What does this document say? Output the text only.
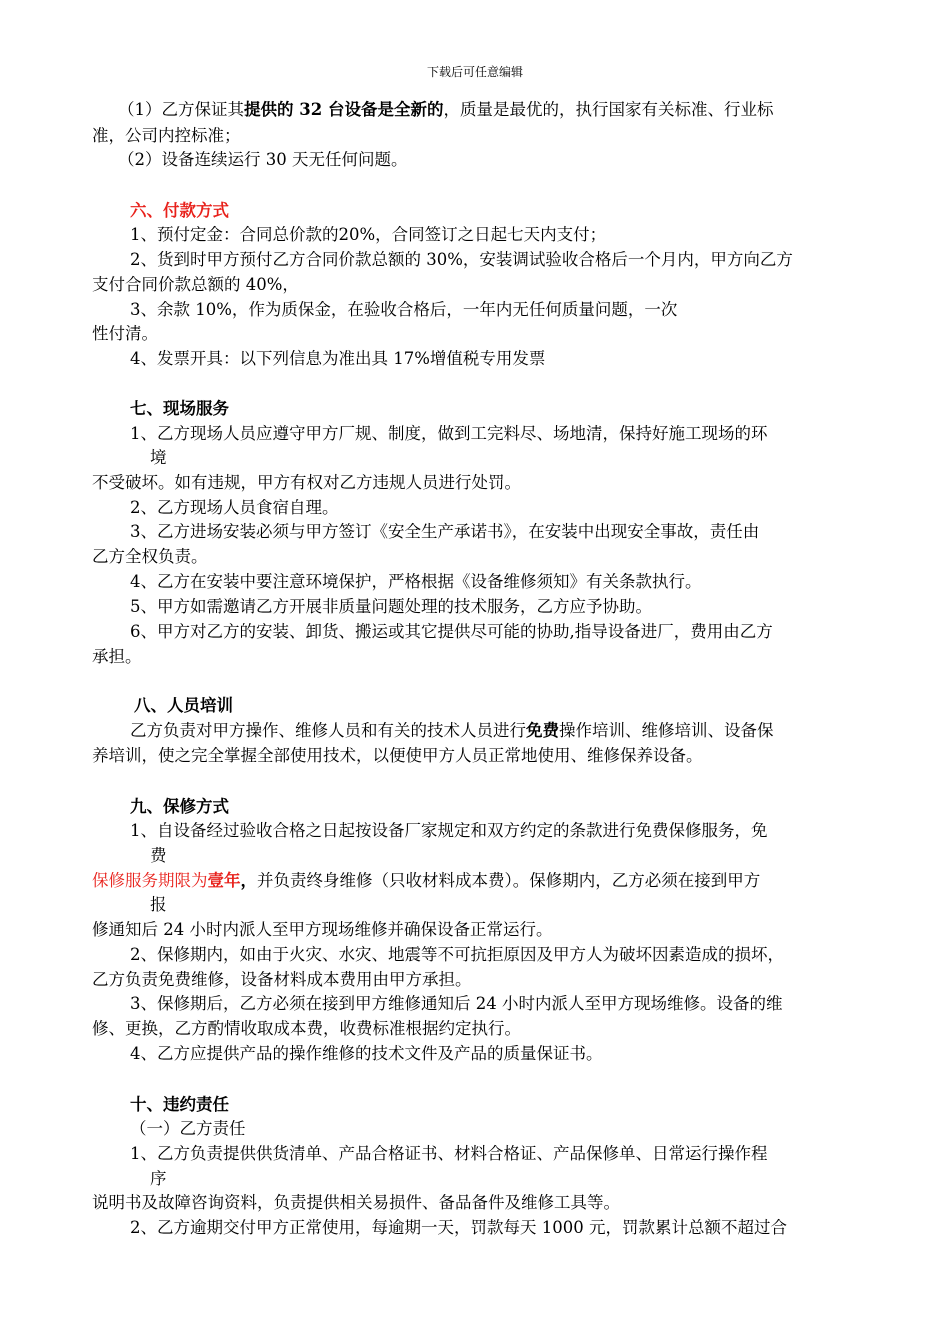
下载后可任意编辑
（1）乙方保证其提供的 32 台设备是全新的，质量是最优的，执行国家有关标准、行业标
准，公司内控标准；
（2）设备连续运行 30 天无任何问题。
六、付款方式
1、预付定金：合同总价款的20%，合同签订之日起七天内支付；
2、货到时甲方预付乙方合同价款总额的 30%，安装调试验收合格后一个月内，甲方向乙方
支付合同价款总额的 40%，
3、余款 10%，作为质保金，在验收合格后，一年内无任何质量问题，一次
性付清。
4、发票开具：以下列信息为准出具 17%增值税专用发票
七、现场服务
1、乙方现场人员应遵守甲方厂规、制度，做到工完料尽、场地清，保持好施工现场的环
境
不受破坏。如有违规，甲方有权对乙方违规人员进行处罚。
2、乙方现场人员食宿自理。
3、乙方进场安装必须与甲方签订《安全生产承诺书》，在安装中出现安全事故，责任由
乙方全权负责。
4、乙方在安装中要注意环境保护，严格根据《设备维修须知》有关条款执行。
5、甲方如需邀请乙方开展非质量问题处理的技术服务，乙方应予协助。
6、甲方对乙方的安装、卸货、搬运或其它提供尽可能的协助,指导设备进厂，费用由乙方
承担。
八、人员培训
乙方负责对甲方操作、维修人员和有关的技术人员进行免费操作培训、维修培训、设备保
养培训，使之完全掌握全部使用技术，以便使甲方人员正常地使用、维修保养设备。
九、保修方式
1、自设备经过验收合格之日起按设备厂家规定和双方约定的条款进行免费保修服务，免
费
保修服务期限为壹年，并负责终身维修（只收材料成本费）。保修期内，乙方必须在接到甲方
报
修通知后 24 小时内派人至甲方现场维修并确保设备正常运行。
2、保修期内，如由于火灾、水灾、地震等不可抗拒原因及甲方人为破坏因素造成的损坏，
乙方负责免费维修，设备材料成本费用由甲方承担。
3、保修期后，乙方必须在接到甲方维修通知后 24 小时内派人至甲方现场维修。设备的维
修、更换，乙方酌情收取成本费，收费标准根据约定执行。
4、乙方应提供产品的操作维修的技术文件及产品的质量保证书。
十、违约责任
（一）乙方责任
1、乙方负责提供供货清单、产品合格证书、材料合格证、产品保修单、日常运行操作程
序
说明书及故障咨询资料，负责提供相关易损件、备品备件及维修工具等。
2、乙方逾期交付甲方正常使用，每逾期一天，罚款每天 1000 元，罚款累计总额不超过合
